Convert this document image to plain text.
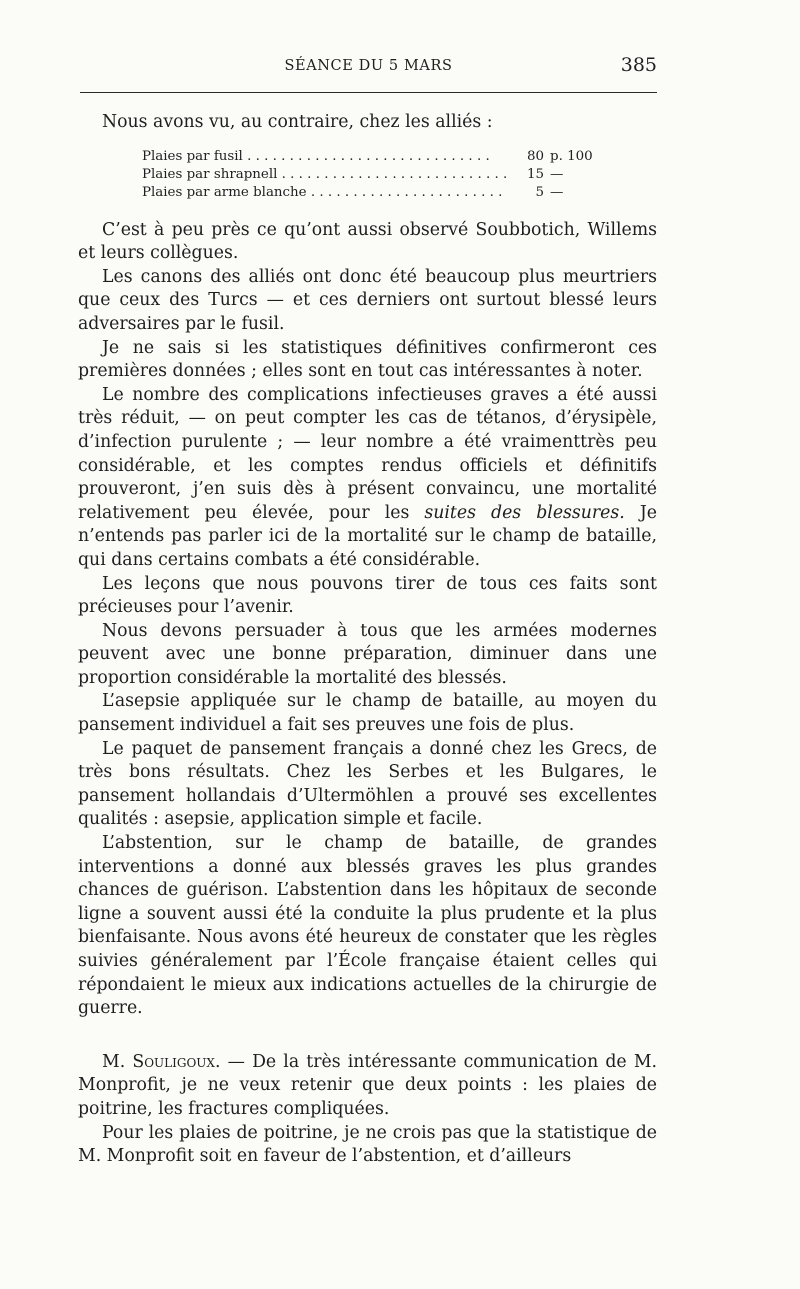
SÉANCE DU 5 MARS	385

Nous avons vu, au contraire, chez les alliés :

Plaies par fusil . . . . . . . . . . . . . . . . . . . . . . . . . . . . .	80 p. 100
Plaies par shrapnell . . . . . . . . . . . . . . . . . . . . . . . . . . .	15 —
Plaies par arme blanche . . . . . . . . . . . . . . . . . . . . . . .	5 —

C’est à peu près ce qu’ont aussi observé Soubbotich, Willems et leurs collègues.

Les canons des alliés ont donc été beaucoup plus meurtriers que ceux des Turcs — et ces derniers ont surtout blessé leurs adversaires par le fusil.

Je ne sais si les statistiques définitives confirmeront ces premières données ; elles sont en tout cas intéressantes à noter.

Le nombre des complications infectieuses graves a été aussi très réduit, — on peut compter les cas de tétanos, d’érysipèle, d’infection purulente ; — leur nombre a été vraimenttrès peu considérable, et les comptes rendus officiels et définitifs prouveront, j’en suis dès à présent convaincu, une mortalité relativement peu élevée, pour les suites des blessures. Je n’entends pas parler ici de la mortalité sur le champ de bataille, qui dans certains combats a été considérable.

Les leçons que nous pouvons tirer de tous ces faits sont précieuses pour l’avenir.

Nous devons persuader à tous que les armées modernes peuvent avec une bonne préparation, diminuer dans une proportion considérable la mortalité des blessés.

L’asepsie appliquée sur le champ de bataille, au moyen du pansement individuel a fait ses preuves une fois de plus.

Le paquet de pansement français a donné chez les Grecs, de très bons résultats. Chez les Serbes et les Bulgares, le pansement hollandais d’Ultermöhlen a prouvé ses excellentes qualités : asepsie, application simple et facile.

L’abstention, sur le champ de bataille, de grandes interventions a donné aux blessés graves les plus grandes chances de guérison. L’abstention dans les hôpitaux de seconde ligne a souvent aussi été la conduite la plus prudente et la plus bienfaisante. Nous avons été heureux de constater que les règles suivies généralement par l’École française étaient celles qui répondaient le mieux aux indications actuelles de la chirurgie de guerre.

M. Souligoux. — De la très intéressante communication de M. Monprofit, je ne veux retenir que deux points : les plaies de poitrine, les fractures compliquées.

Pour les plaies de poitrine, je ne crois pas que la statistique de M. Monprofit soit en faveur de l’abstention, et d’ailleurs
